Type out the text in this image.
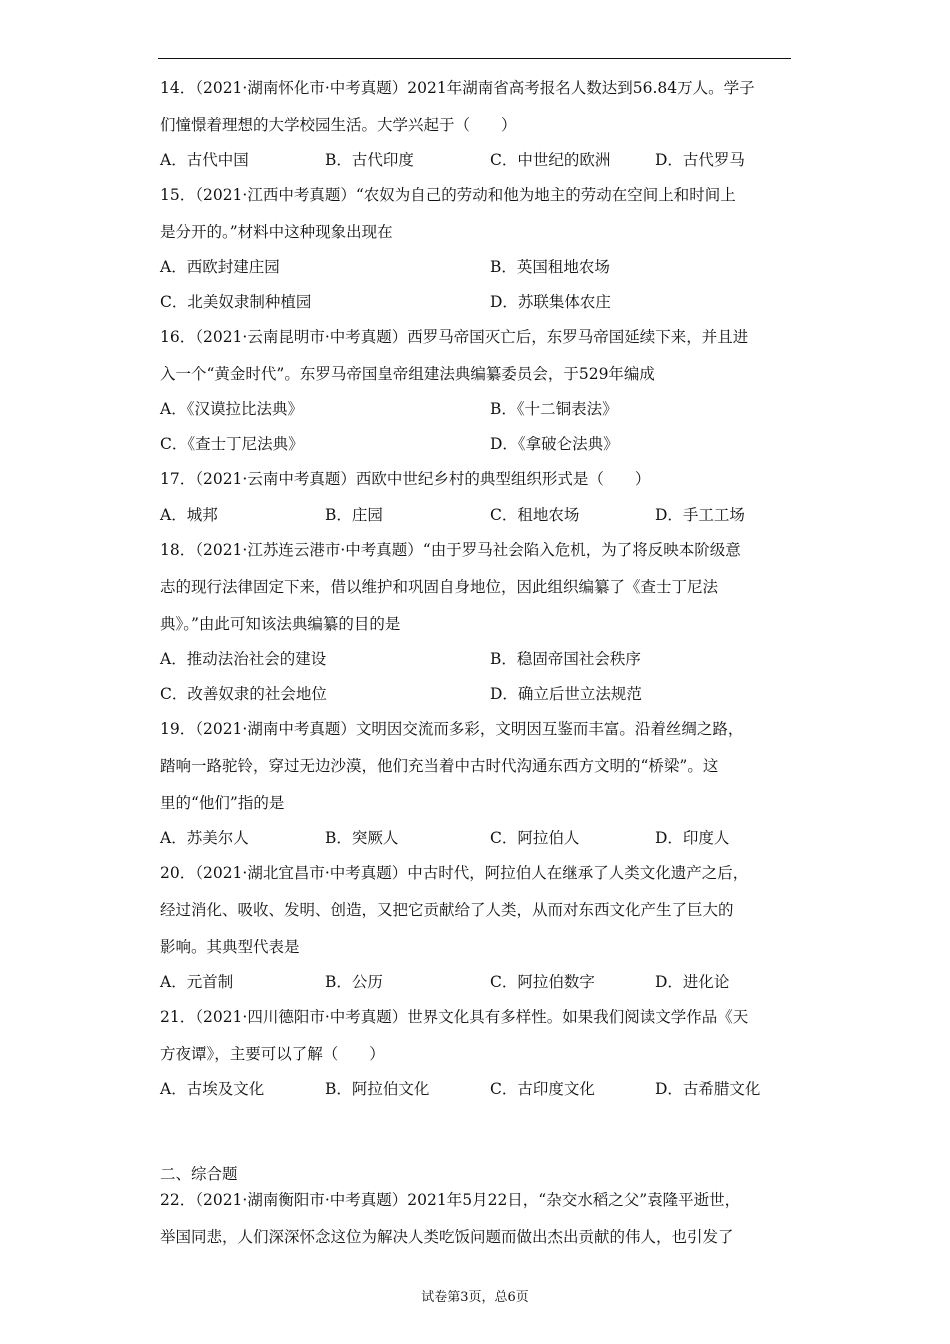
14．（2021·湖南怀化市·中考真题）2021年湖南省高考报名人数达到56.84万人。学子
们憧憬着理想的大学校园生活。大学兴起于（　　）
A．古代中国	B．古代印度	C．中世纪的欧洲	D．古代罗马
15．（2021·江西中考真题）“农奴为自己的劳动和他为地主的劳动在空间上和时间上
是分开的。”材料中这种现象出现在
A．西欧封建庄园	B．英国租地农场
C．北美奴隶制种植园	D．苏联集体农庄
16．（2021·云南昆明市·中考真题）西罗马帝国灭亡后，东罗马帝国延续下来，并且进
入一个“黄金时代”。东罗马帝国皇帝组建法典编纂委员会，于529年编成
A．《汉谟拉比法典》	B．《十二铜表法》
C．《查士丁尼法典》	D．《拿破仑法典》
17．（2021·云南中考真题）西欧中世纪乡村的典型组织形式是（　　）
A．城邦	B．庄园	C．租地农场	D．手工工场
18．（2021·江苏连云港市·中考真题）“由于罗马社会陷入危机，为了将反映本阶级意
志的现行法律固定下来，借以维护和巩固自身地位，因此组织编纂了《查士丁尼法
典》。”由此可知该法典编纂的目的是
A．推动法治社会的建设	B．稳固帝国社会秩序
C．改善奴隶的社会地位	D．确立后世立法规范
19．（2021·湖南中考真题）文明因交流而多彩，文明因互鉴而丰富。沿着丝绸之路，
踏响一路驼铃，穿过无边沙漠，他们充当着中古时代沟通东西方文明的“桥梁”。这
里的“他们”指的是
A．苏美尔人	B．突厥人	C．阿拉伯人	D．印度人
20．（2021·湖北宜昌市·中考真题）中古时代，阿拉伯人在继承了人类文化遗产之后，
经过消化、吸收、发明、创造，又把它贡献给了人类，从而对东西文化产生了巨大的
影响。其典型代表是
A．元首制	B．公历	C．阿拉伯数字	D．进化论
21．（2021·四川德阳市·中考真题）世界文化具有多样性。如果我们阅读文学作品《天
方夜谭》，主要可以了解（　　）
A．古埃及文化	B．阿拉伯文化	C．古印度文化	D．古希腊文化
二、综合题
22．（2021·湖南衡阳市·中考真题）2021年5月22日，“杂交水稻之父”袁隆平逝世，
举国同悲，人们深深怀念这位为解决人类吃饭问题而做出杰出贡献的伟人，也引发了
试卷第3页，总6页
